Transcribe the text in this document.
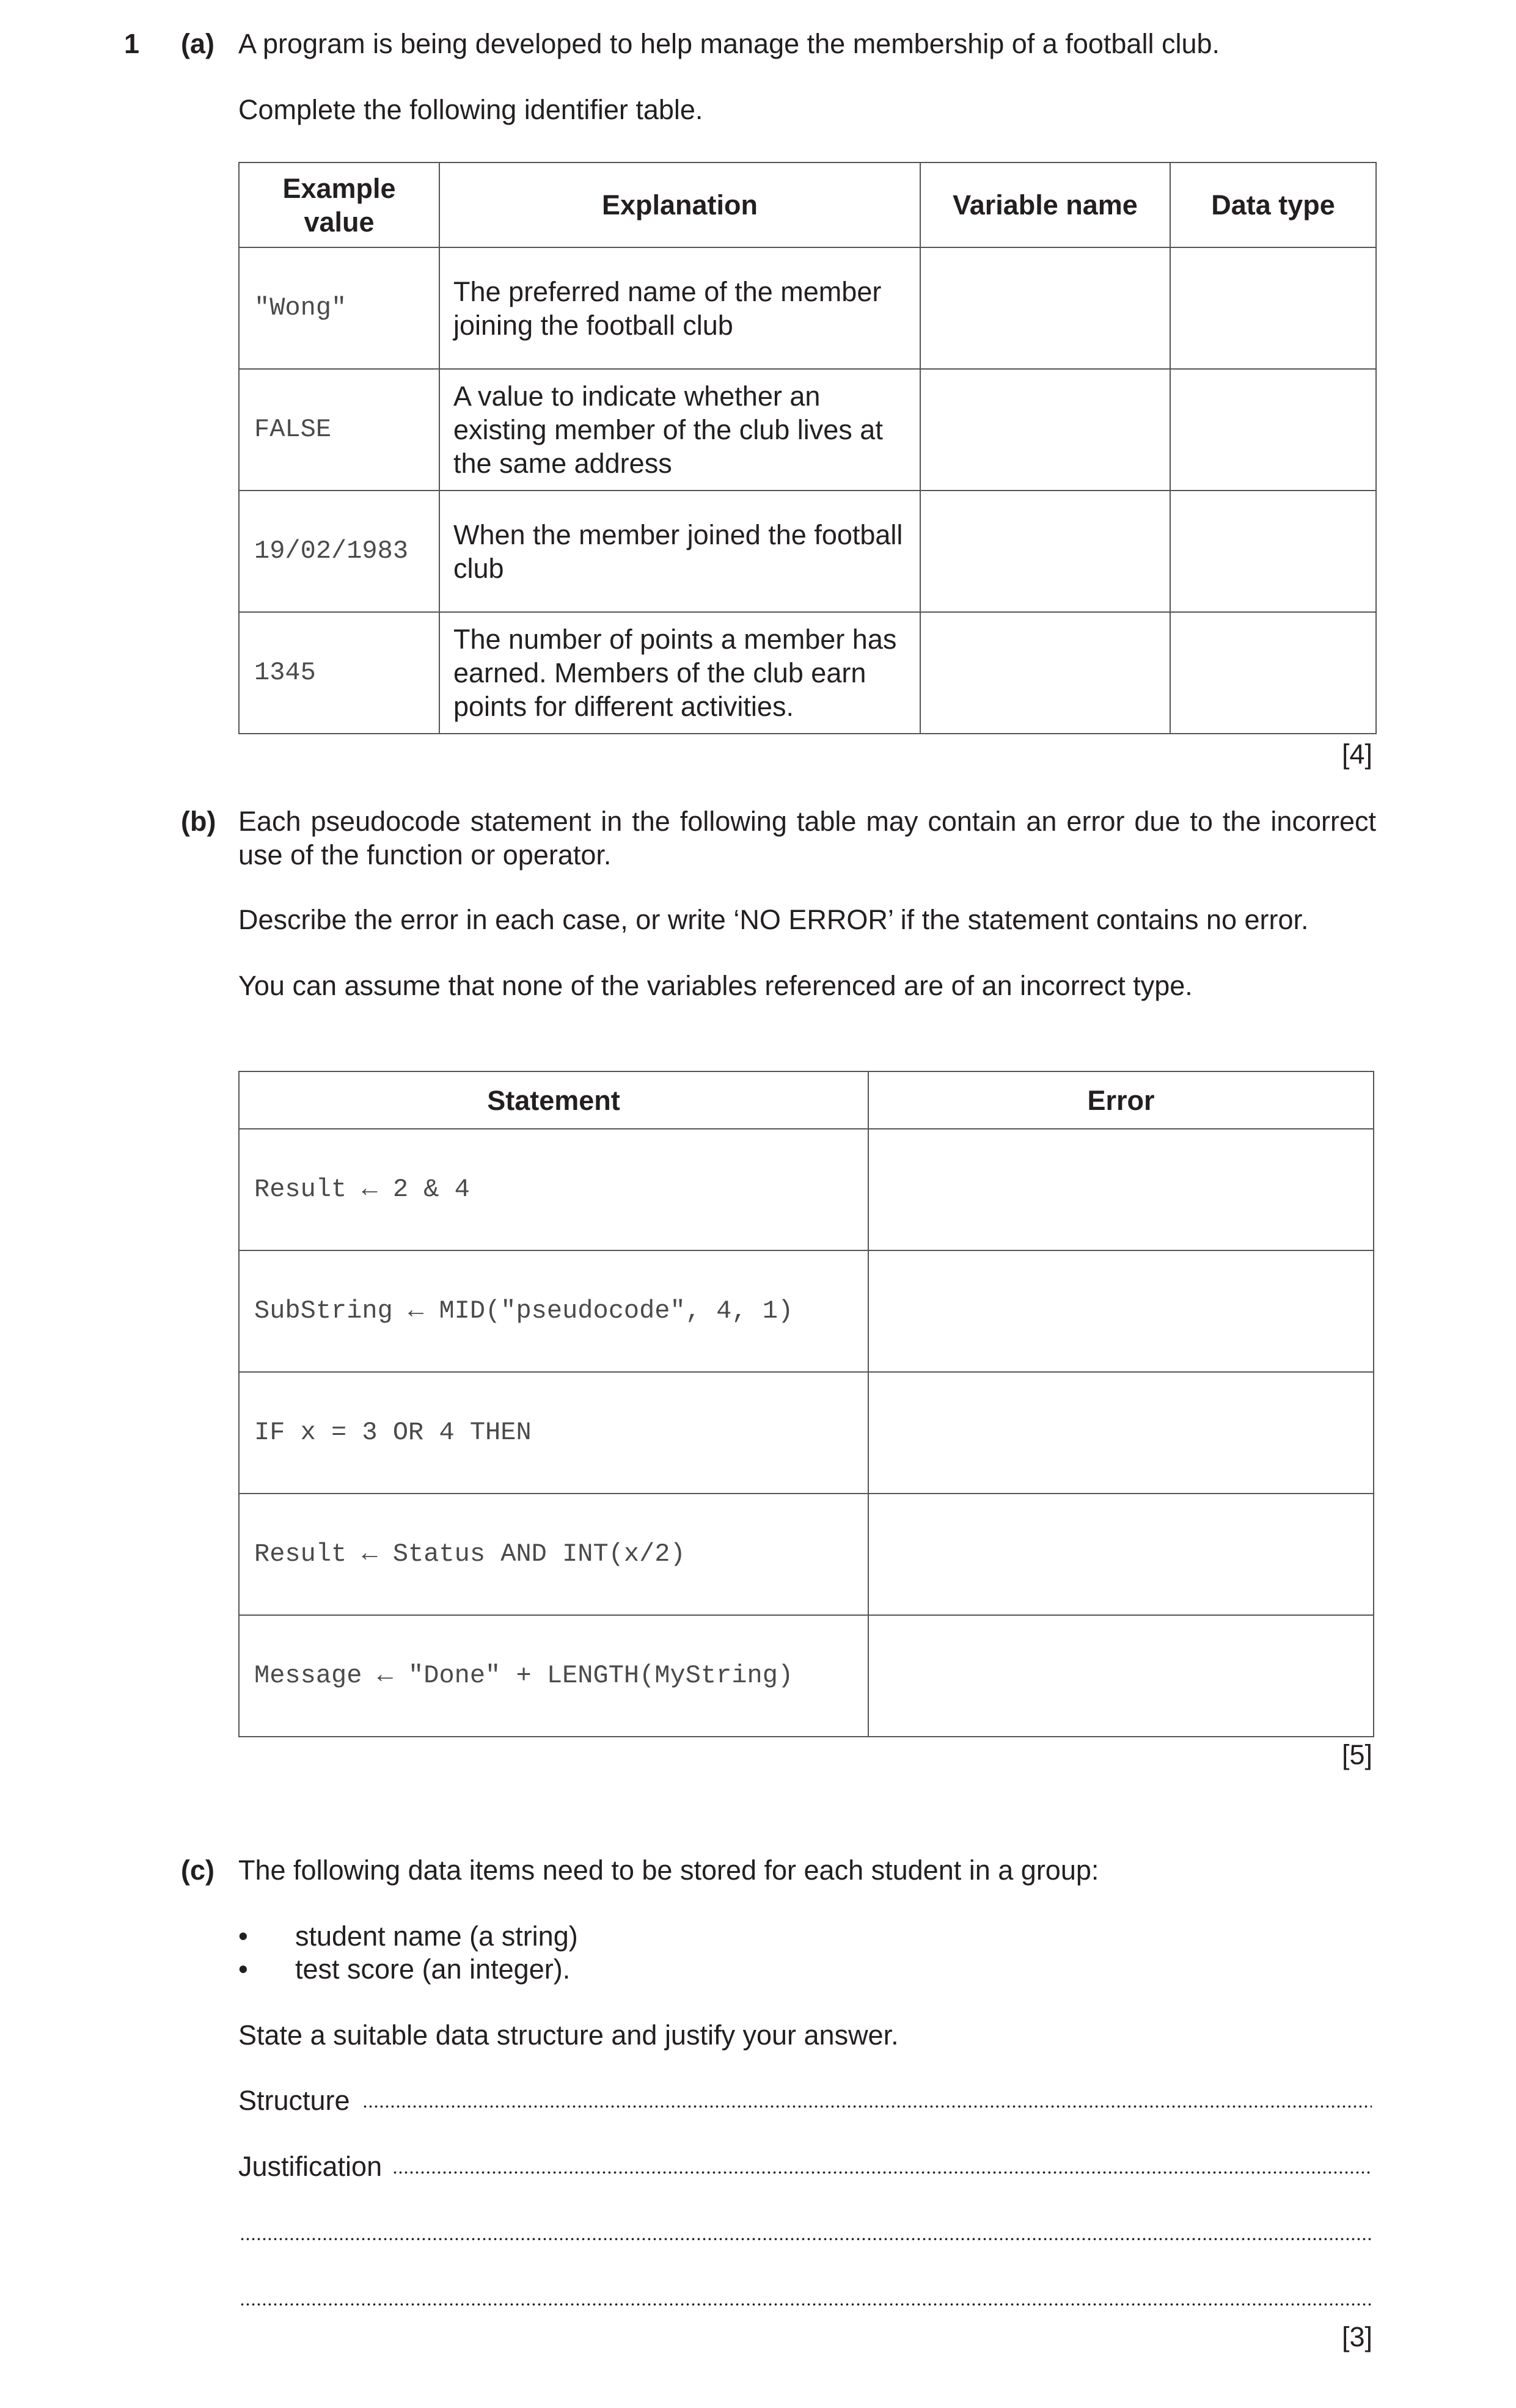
1 (a) A program is being developed to help manage the membership of a football club.
Complete the following identifier table.
Example
value	Explanation	Variable name	Data type
"Wong"	The preferred name of the member joining the football club		
FALSE	A value to indicate whether an existing member of the club lives at the same address		
19/02/1983	When the member joined the football club		
1345	The number of points a member has earned. Members of the club earn points for different activities.		
[4]
(b) Each pseudocode statement in the following table may contain an error due to the incorrect use of the function or operator.
Describe the error in each case, or write ‘NO ERROR’ if the statement contains no error.
You can assume that none of the variables referenced are of an incorrect type.
Statement	Error
Result ← 2 & 4	
SubString ← MID("pseudocode", 4, 1)	
IF x = 3 OR 4 THEN	
Result ← Status AND INT(x/2)	
Message ← "Done" + LENGTH(MyString)	
[5]
(c) The following data items need to be stored for each student in a group:
• student name (a string)
• test score (an integer).
State a suitable data structure and justify your answer.
Structure
Justification
[3]
